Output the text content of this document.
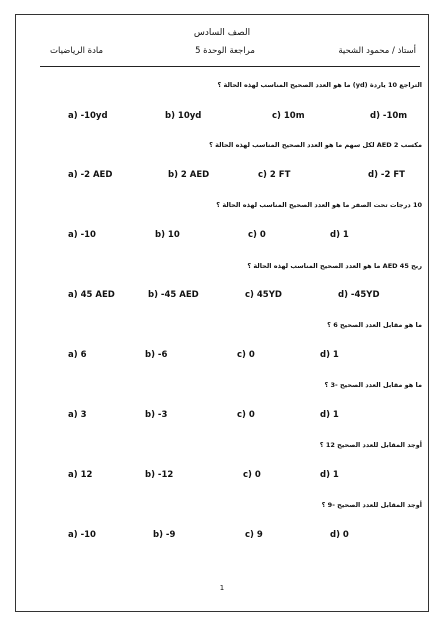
الصف السادس
أستاذ / محمود الشحية
مراجعة الوحدة 5
مادة الرياضيات
التراجع 10 ياردة (yd) ما هو العدد الصحيح المناسب لهذه الحالة ؟
a) -10yd	b) 10yd	c) 10m	d) -10m
مكسب AED 2 لكل سهم ما هو العدد الصحيح المناسب لهذه الحالة ؟
a) -2 AED	b) 2 AED	c) 2 FT	d) -2 FT
10 درجات تحت الصفر ما هو العدد الصحيح المناسب لهذه الحالة ؟
a) -10	b) 10	c) 0	d) 1
ربح AED 45 ما هو العدد الصحيح المناسب لهذه الحالة ؟
a) 45 AED	b) -45 AED	c) 45YD	d) -45YD
ما هو مقابل العدد الصحيح 6 ؟
a) 6	b) -6	c) 0	d) 1
ما هو مقابل العدد الصحيح -3 ؟
a) 3	b) -3	c) 0	d) 1
أوجد المقابل للعدد الصحيح 12 ؟
a) 12	b) -12	c) 0	d) 1
أوجد المقابل للعدد الصحيح -9 ؟
a) -10	b) -9	c) 9	d) 0
1
